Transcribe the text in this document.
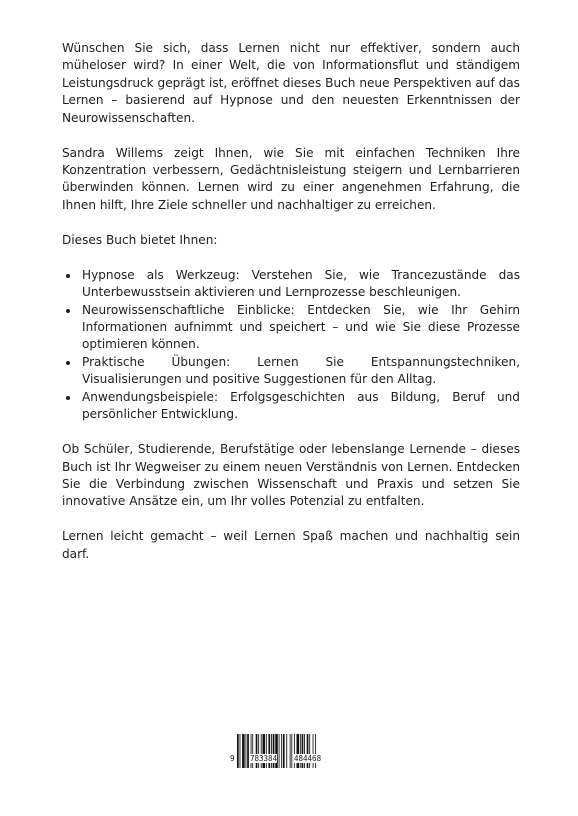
Wünschen Sie sich, dass Lernen nicht nur effektiver, sondern auch müheloser wird? In einer Welt, die von Informationsflut und ständigem Leistungsdruck geprägt ist, eröffnet dieses Buch neue Perspektiven auf das Lernen – basierend auf Hypnose und den neuesten Erkenntnissen der Neurowissenschaften.

Sandra Willems zeigt Ihnen, wie Sie mit einfachen Techniken Ihre Konzentration verbessern, Gedächtnisleistung steigern und Lernbarrieren überwinden können. Lernen wird zu einer angenehmen Erfahrung, die Ihnen hilft, Ihre Ziele schneller und nachhaltiger zu erreichen.

Dieses Buch bietet Ihnen:

Hypnose als Werkzeug: Verstehen Sie, wie Trancezustände das Unterbewusstsein aktivieren und Lernprozesse beschleunigen.
Neurowissenschaftliche Einblicke: Entdecken Sie, wie Ihr Gehirn Informationen aufnimmt und speichert – und wie Sie diese Prozesse optimieren können.
Praktische Übungen: Lernen Sie Entspannungstechniken, Visualisierungen und positive Suggestionen für den Alltag.
Anwendungsbeispiele: Erfolgsgeschichten aus Bildung, Beruf und persönlicher Entwicklung.

Ob Schüler, Studierende, Berufstätige oder lebenslange Lernende – dieses Buch ist Ihr Wegweiser zu einem neuen Verständnis von Lernen. Entdecken Sie die Verbindung zwischen Wissenschaft und Praxis und setzen Sie innovative Ansätze ein, um Ihr volles Potenzial zu entfalten.

Lernen leicht gemacht – weil Lernen Spaß machen und nachhaltig sein darf.

9 783384 484468
